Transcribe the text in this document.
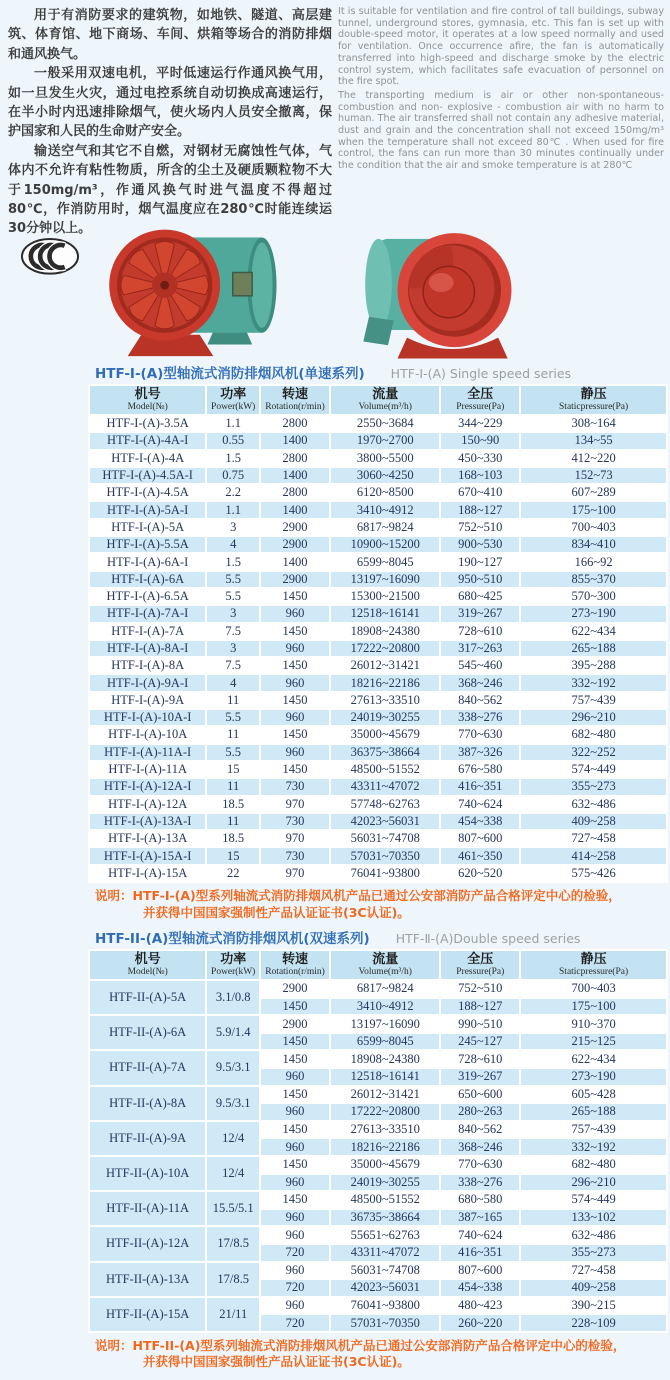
用于有消防要求的建筑物，如地铁、隧道、高层建筑、体育馆、地下商场、车间、烘箱等场合的消防排烟和通风换气。

一般采用双速电机，平时低速运行作通风换气用，如一旦发生火灾，通过电控系统自动切换成高速运行，在半小时内迅速排除烟气，使火场内人员安全撤离，保护国家和人民的生命财产安全。

输送空气和其它不自燃，对钢材无腐蚀性气体，气体内不允许有粘性物质，所含的尘土及硬质颗粒物不大于150mg/m³，作通风换气时进气温度不得超过80℃，作消防用时，烟气温度应在280℃时能连续运30分钟以上。

It is suitable for ventilation and fire control of tall buildings, subway tunnel, underground stores, gymnasia, etc. This fan is set up with double-speed motor, it operates at a low speed normally and used for ventilation. Once occurrence afire, the fan is automatically transferred into high-speed and discharge smoke by the electric control system, which facilitates safe evacuation of personnel on the fire spot.

The transporting medium is air or other non-spontaneous-combustion and non- explosive - combustion air with no harm to human. The air transferred shall not contain any adhesive material, dust and grain and the concentration shall not exceed 150mg/m³ when the temperature shall not exceed 80℃ . When used for fire control, the fans can run more than 30 minutes continually under the condition that the air and smoke temperature is at 280℃

HTF-I-(A)型轴流式消防排烟风机(单速系列) HTF-Ⅰ-(A) Single speed series
机号
Model(№)

功率
Power(kW)

转速
Rotation(r/min)

流量
Volume(m³/h)

全压
Pressure(Pa)

静压
Staticpressure(Pa)

HTF-I-(A)-3.5A	1.1	2800	2550~3684	344~229	308~164
HTF-I-(A)-4A-I	0.55	1400	1970~2700	150~90	134~55
HTF-I-(A)-4A	1.5	2800	3800~5500	450~330	412~220
HTF-I-(A)-4.5A-I	0.75	1400	3060~4250	168~103	152~73
HTF-I-(A)-4.5A	2.2	2800	6120~8500	670~410	607~289
HTF-I-(A)-5A-I	1.1	1400	3410~4912	188~127	175~100
HTF-I-(A)-5A	3	2900	6817~9824	752~510	700~403
HTF-I-(A)-5.5A	4	2900	10900~15200	900~530	834~410
HTF-I-(A)-6A-I	1.5	1400	6599~8045	190~127	166~92
HTF-I-(A)-6A	5.5	2900	13197~16090	950~510	855~370
HTF-I-(A)-6.5A	5.5	1450	15300~21500	680~425	570~300
HTF-I-(A)-7A-I	3	960	12518~16141	319~267	273~190
HTF-I-(A)-7A	7.5	1450	18908~24380	728~610	622~434
HTF-I-(A)-8A-I	3	960	17222~20800	317~263	265~188
HTF-I-(A)-8A	7.5	1450	26012~31421	545~460	395~288
HTF-I-(A)-9A-I	4	960	18216~22186	368~246	332~192
HTF-I-(A)-9A	11	1450	27613~33510	840~562	757~439
HTF-I-(A)-10A-I	5.5	960	24019~30255	338~276	296~210
HTF-I-(A)-10A	11	1450	35000~45679	770~630	682~480
HTF-I-(A)-11A-I	5.5	960	36375~38664	387~326	322~252
HTF-I-(A)-11A	15	1450	48500~51552	676~580	574~449
HTF-I-(A)-12A-I	11	730	43311~47072	416~351	355~273
HTF-I-(A)-12A	18.5	970	57748~62763	740~624	632~486
HTF-I-(A)-13A-I	11	730	42023~56031	454~338	409~258
HTF-I-(A)-13A	18.5	970	56031~74708	807~600	727~458
HTF-I-(A)-15A-I	15	730	57031~70350	461~350	414~258
HTF-I-(A)-15A	22	970	76041~93800	620~520	575~426
说明：HTF-I-(A)型系列轴流式消防排烟风机产品已通过公安部消防产品合格评定中心的检验，
并获得中国国家强制性产品认证证书(3C认证)。
HTF-II-(A)型轴流式消防排烟风机(双速系列) HTF-Ⅱ-(A)Double speed series
机号
Model(№)

功率
Power(kW)

转速
Rotation(r/min)

流量
Volume(m³/h)

全压
Pressure(Pa)

静压
Staticpressure(Pa)

HTF-II-(A)-5A	3.1/0.8	2900	6817~9824	752~510	700~403
		1450	3410~4912	188~127	175~100
HTF-II-(A)-6A	5.9/1.4	2900	13197~16090	990~510	910~370
		1450	6599~8045	245~127	215~125
HTF-II-(A)-7A	9.5/3.1	1450	18908~24380	728~610	622~434
		960	12518~16141	319~267	273~190
HTF-II-(A)-8A	9.5/3.1	1450	26012~31421	650~600	605~428
		960	17222~20800	280~263	265~188
HTF-II-(A)-9A	12/4	1450	27613~33510	840~562	757~439
		960	18216~22186	368~246	332~192
HTF-II-(A)-10A	12/4	1450	35000~45679	770~630	682~480
		960	24019~30255	338~276	296~210
HTF-II-(A)-11A	15.5/5.1	1450	48500~51552	680~580	574~449
		960	36735~38664	387~165	133~102
HTF-II-(A)-12A	17/8.5	960	55651~62763	740~624	632~486
		720	43311~47072	416~351	355~273
HTF-II-(A)-13A	17/8.5	960	56031~74708	807~600	727~458
		720	42023~56031	454~338	409~258
HTF-II-(A)-15A	21/11	960	76041~93800	480~423	390~215
		720	57031~70350	260~220	228~109
说明：HTF-II-(A)型系列轴流式消防排烟风机产品已通过公安部消防产品合格评定中心的检验，
并获得中国国家强制性产品认证证书(3C认证)。
